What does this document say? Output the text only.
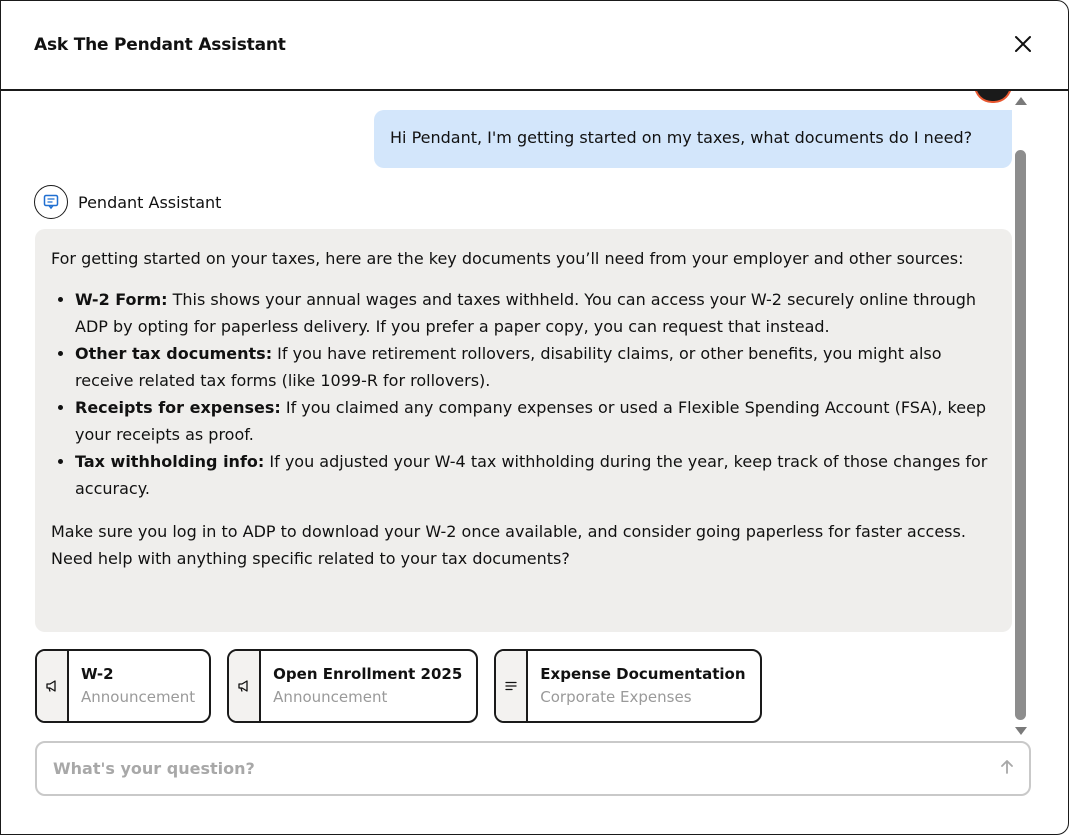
Ask The Pendant Assistant
Hi Pendant, I'm getting started on my taxes, what documents do I need?
Pendant Assistant

For getting started on your taxes, here are the key documents you’ll need from your employer and other sources:

• W-2 Form: This shows your annual wages and taxes withheld. You can access your W-2 securely online through ADP by opting for paperless delivery. If you prefer a paper copy, you can request that instead.
• Other tax documents: If you have retirement rollovers, disability claims, or other benefits, you might also receive related tax forms (like 1099-R for rollovers).
• Receipts for expenses: If you claimed any company expenses or used a Flexible Spending Account (FSA), keep your receipts as proof.
• Tax withholding info: If you adjusted your W-4 tax withholding during the year, keep track of those changes for accuracy.

Make sure you log in to ADP to download your W-2 once available, and consider going paperless for faster access. Need help with anything specific related to your tax documents?

W-2
Announcement
Open Enrollment 2025
Announcement
Expense Documentation
Corporate Expenses
What's your question?
